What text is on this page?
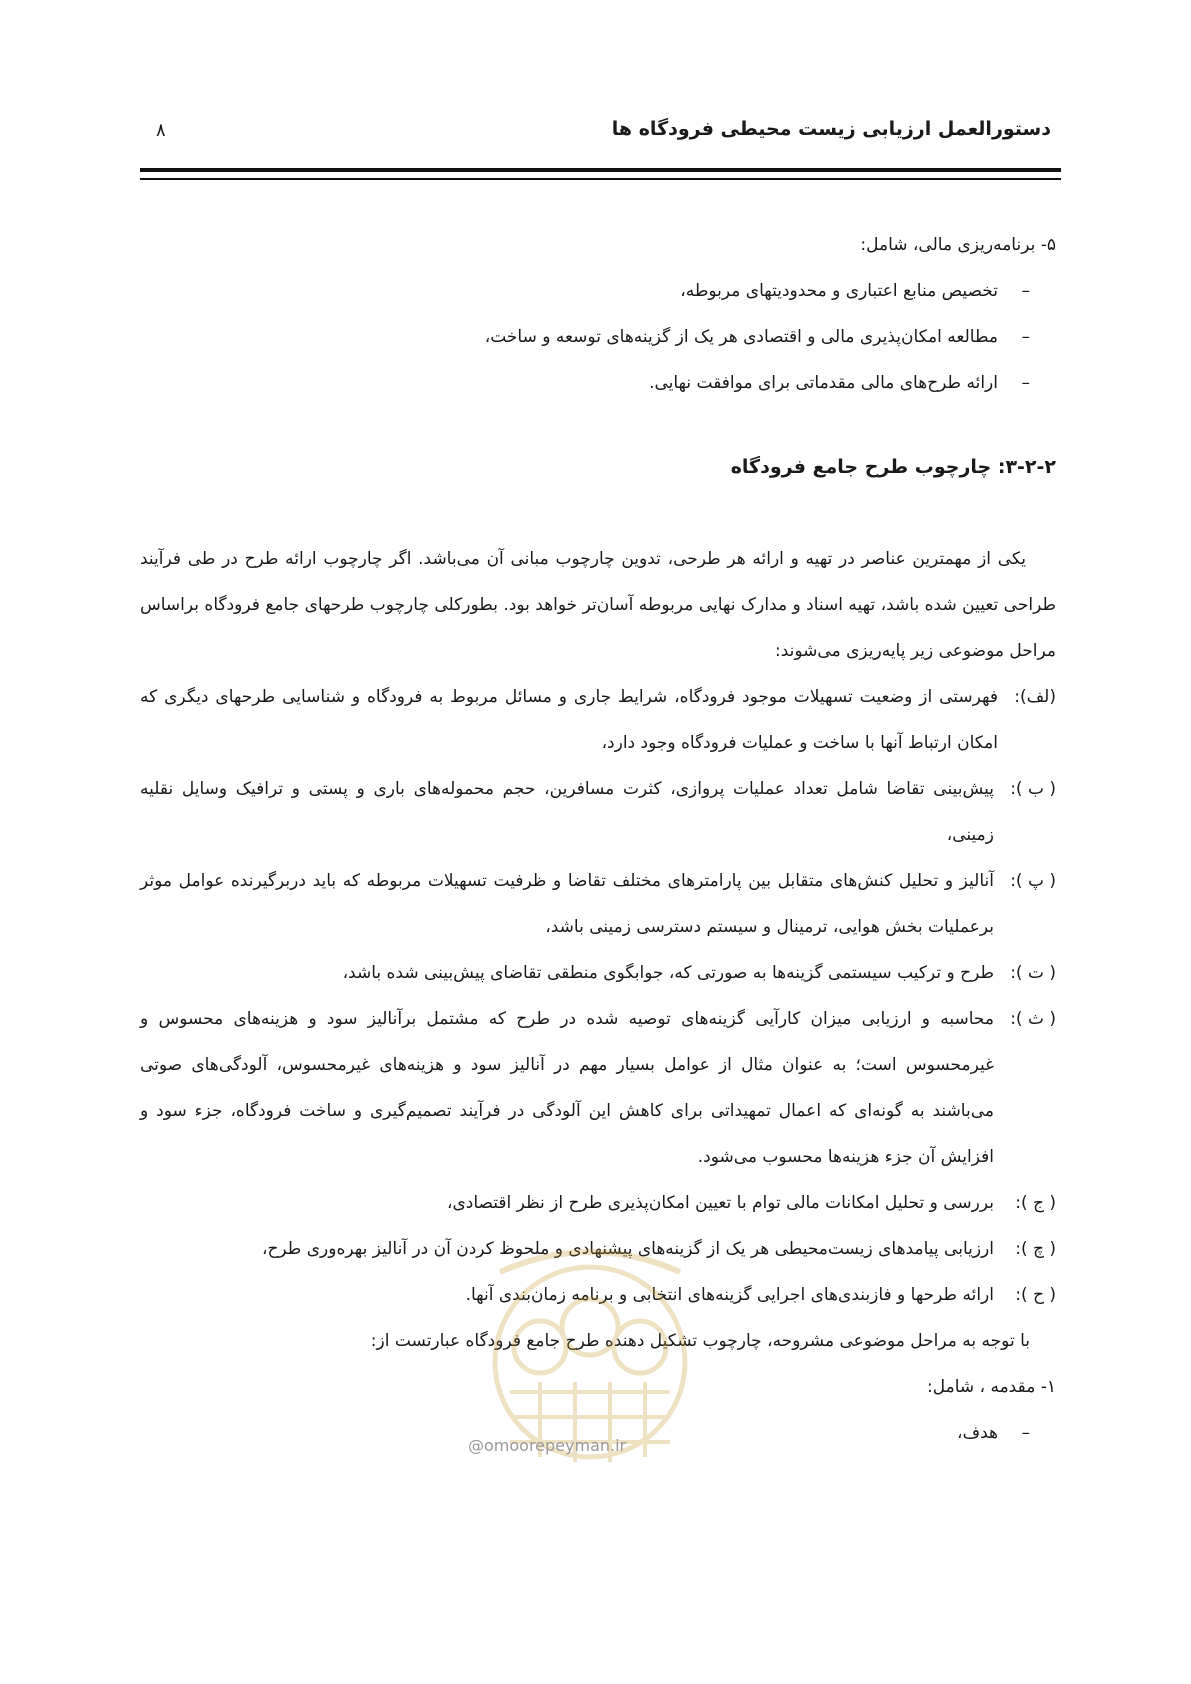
دستورالعمل ارزیابی زیست محیطی فرودگاه ها
۸

۵- برنامه‌ریزی مالی، شامل:

– تخصیص منابع اعتباری و محدودیتهای مربوطه،
– مطالعه امکان‌پذیری مالی و اقتصادی هر یک از گزینه‌های توسعه و ساخت،
– ارائه طرح‌های مالی مقدماتی برای موافقت نهایی.
۳-۲-۲: چارچوب طرح جامع فرودگاه

یکی از مهمترین عناصر در تهیه و ارائه هر طرحی، تدوین چارچوب مبانی آن می‌باشد. اگر چارچوب ارائه طرح در طی فرآیند طراحی تعیین شده باشد، تهیه اسناد و مدارک نهایی مربوطه آسان‌تر خواهد بود. بطورکلی چارچوب طرحهای جامع فرودگاه براساس مراحل موضوعی زیر پایه‌ریزی می‌شوند:

(لف):
فهرستی از وضعیت تسهیلات موجود فرودگاه، شرایط جاری و مسائل مربوط به فرودگاه و شناسایی طرحهای دیگری که امکان ارتباط آنها با ساخت و عملیات فرودگاه وجود دارد،
( ب ):
پیش‌بینی تقاضا شامل تعداد عملیات پروازی، کثرت مسافرین، حجم محموله‌های باری و پستی و ترافیک وسایل نقلیه زمینی،
( پ ):
آنالیز و تحلیل کنش‌های متقابل بین پارامترهای مختلف تقاضا و ظرفیت تسهیلات مربوطه که باید دربرگیرنده عوامل موثر برعملیات بخش هوایی، ترمینال و سیستم دسترسی زمینی باشد،
( ت ):
طرح و ترکیب سیستمی گزینه‌ها به صورتی که، جوابگوی منطقی تقاضای پیش‌بینی شده باشد،
( ث ):
محاسبه و ارزیابی میزان کارآیی گزینه‌های توصیه شده در طرح که مشتمل برآنالیز سود و هزینه‌های محسوس و غیرمحسوس است؛ به عنوان مثال از عوامل بسیار مهم در آنالیز سود و هزینه‌های غیرمحسوس، آلودگی‌های صوتی می‌باشند به گونه‌ای که اعمال تمهیداتی برای کاهش این آلودگی در فرآیند تصمیم‌گیری و ساخت فرودگاه، جزء سود و افزایش آن جزء هزینه‌ها محسوب می‌شود.
( ج ):
بررسی و تحلیل امکانات مالی توام با تعیین امکان‌پذیری طرح از نظر اقتصادی،
( چ ):
ارزیابی پیامدهای زیست‌محیطی هر یک از گزینه‌های پیشنهادی و ملحوظ کردن آن در آنالیز بهره‌وری طرح،
( ح ):
ارائه طرحها و فازبندی‌های اجرایی گزینه‌های انتخابی و برنامه زمان‌بندی آنها.

با توجه به مراحل موضوعی مشروحه، چارچوب تشکیل دهنده طرح جامع فرودگاه عبارتست از:

۱- مقدمه ، شامل:

– هدف،
@omoorepeyman.ir
